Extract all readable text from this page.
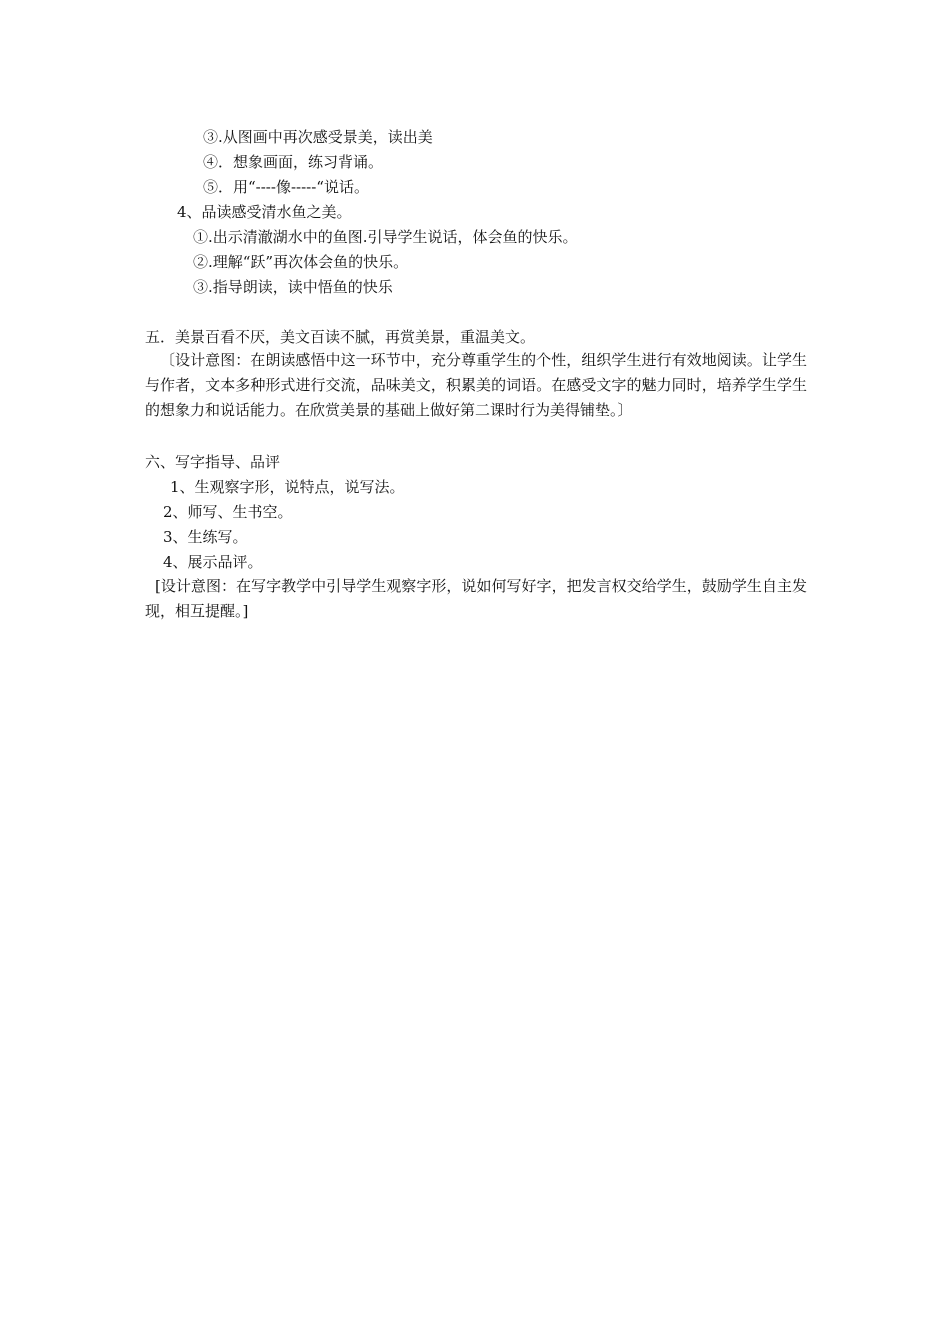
③.从图画中再次感受景美，读出美
④．想象画面，练习背诵。
⑤．用“----像-----“说话。
4、品读感受清水鱼之美。
①.出示清澈湖水中的鱼图.引导学生说话，体会鱼的快乐。
②.理解“跃”再次体会鱼的快乐。
③.指导朗读，读中悟鱼的快乐
五．美景百看不厌，美文百读不腻，再赏美景，重温美文。
〔设计意图：在朗读感悟中这一环节中，充分尊重学生的个性，组织学生进行有效地阅读。让学生与作者，文本多种形式进行交流，品味美文，积累美的词语。在感受文字的魅力同时，培养学生学生的想象力和说话能力。在欣赏美景的基础上做好第二课时行为美得铺垫。〕
六、写字指导、品评
1、生观察字形，说特点，说写法。
2、师写、生书空。
3、生练写。
4、展示品评。
[设计意图：在写字教学中引导学生观察字形，说如何写好字，把发言权交给学生，鼓励学生自主发现，相互提醒。]
